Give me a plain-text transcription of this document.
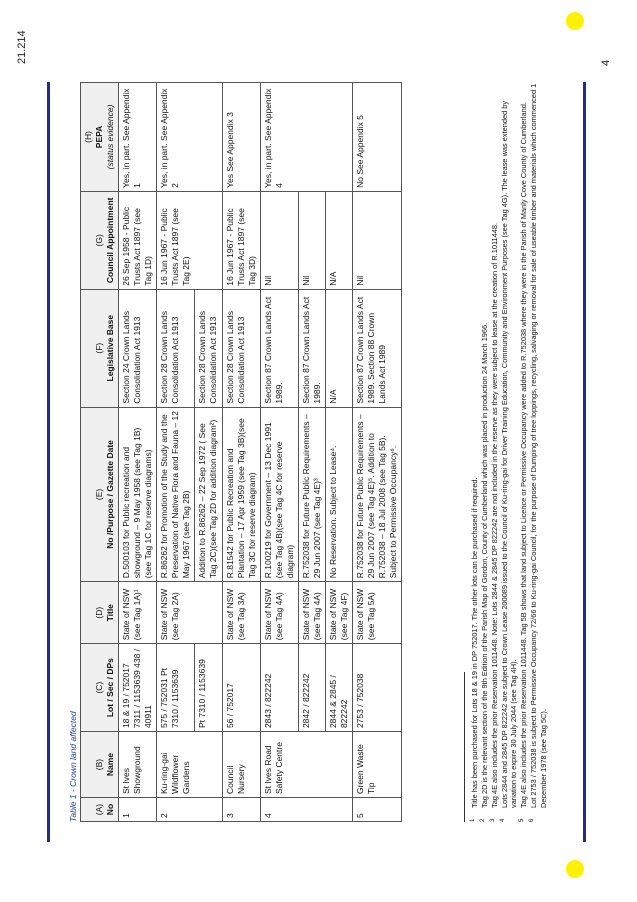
21.214	4
Table 1 - Crown land affected (A) No	(B) Name	(C) Lot / Sec / DPs	(D) Title	(E) No /Purpose / Gazette Date	(F) Legislative Base	(G) Council Appointment	(H) PEPA (status evidence)

1	St Ives Showground	18 & 19 / 752017 7311 / 1153639 438 / 40911	State of NSW (see Tag 1A)¹	D.500103 for Public recreation and showground – 9 May 1958 (see Tag 1B) (see Tag 1C for reserve diagrams)	Section 24 Crown Lands Consolidation Act 1913	26 Sep 1958 - Public Trusts Act 1897 (see Tag 1D)	Yes, in part. See Appendix 1
2	Ku-ring-gai Wildflower Gardens	575 / 752031 Pt 7310 / 1153639	State of NSW (see Tag 2A)	R.86262 for Promotion of the Study and the Preservation of Native Flora and Fauna – 12 May 1967 (see Tag 2B)	Section 28 Crown Lands Consolidation Act 1913	16 Jun 1967 - Public Trusts Act 1897 (see Tag 2E)	Yes, in part. See Appendix 2
		Pt 7310 / 1153639		Addition to R.86262 – 22 Sep 1972 ( See Tag 2C)(see Tag 2D for addition diagram²)	Section 28 Crown Lands Consolidation Act 1913		
3	Council Nursery	56 / 752017	State of NSW (see Tag 3A)	R.81542 for Public Recreation and Plantation – 17 Apr 1959 (see Tag 3B)(see Tag 3C for reserve diagram)	Section 28 Crown Lands Consolidation Act 1913	16 Jun 1967 - Public Trusts Act 1897 (see Tag 3D)	Yes See Appendix 3
4	St Ives Road Safety Centre	2843 / 822242	State of NSW (see Tag 4A)	R.100219 for Government – 13 Dec 1991 (see Tag 4B)(see Tag 4C for reserve diagram)	Section 87 Crown Lands Act 1989.	Nil	Yes, in part. See Appendix 4
		2842 / 822242	State of NSW (see Tag 4A)	R.752038 for Future Public Requirements – 29 Jun 2007 (see Tag 4E)³	Section 87 Crown Lands Act 1989.	Nil	
		2844 & 2845 / 822242	State of NSW (see Tag 4F)	No Reservation. Subject to Lease⁴.	N/A	N/A	
5	Green Waste Tip	2753 / 752038	State of NSW (see Tag 5A)	R.752038 for Future Public Requirements – 29 Jun 2007 (see Tag 4E)⁵. Addition to R.752038 – 18 Jul 2008 (see Tag 5B). Subject to Permissive Occupancy⁶.	Section 87 Crown Lands Act 1989. Section 88 Crown Lands Act 1989	Nil	No See Appendix 5
1
Title has been purchased for Lots 18 & 19 in DP 752017. The other lots can be purchased if required.
2
Tag 2D is the relevant section of the 9th Edition of the Parish Map of Gordon, County of Cumberland which was placed in production 24 March 1966.
3
Tag 4E also includes the prior Reservation 1011448. Note: Lots 2844 & 2845 DP 822242 are not included in the reserve as they were subject to lease at the creation of R.1011448.
4
Lots 2844 and 2845 DP 822242 are subject to Crown Lease 200089 issued to the Council of Ku-ring-gai for Driver Training Education, Community and Environment Purposes (see Tag 4G). The lease was extended by variation to expire 30 July 2044 (see Tag 4H).
5
Tag 4E also includes the prior Reservation 1011448. Tag 5B shows that land subject to Licence or Permissive Occupancy were added to R.752038 where they were in the Parish of Manly Cove County of Cumberland.
6
Lot 2753 / 752038 is subject to Permissive Occupancy 72/66 to Ku-ring-gai Council, for the purpose of Dumping of tree loppings, recycling, salvaging or removal for sale of useable timber and materials which commenced 1 December 1978 (see Tag 5C).
